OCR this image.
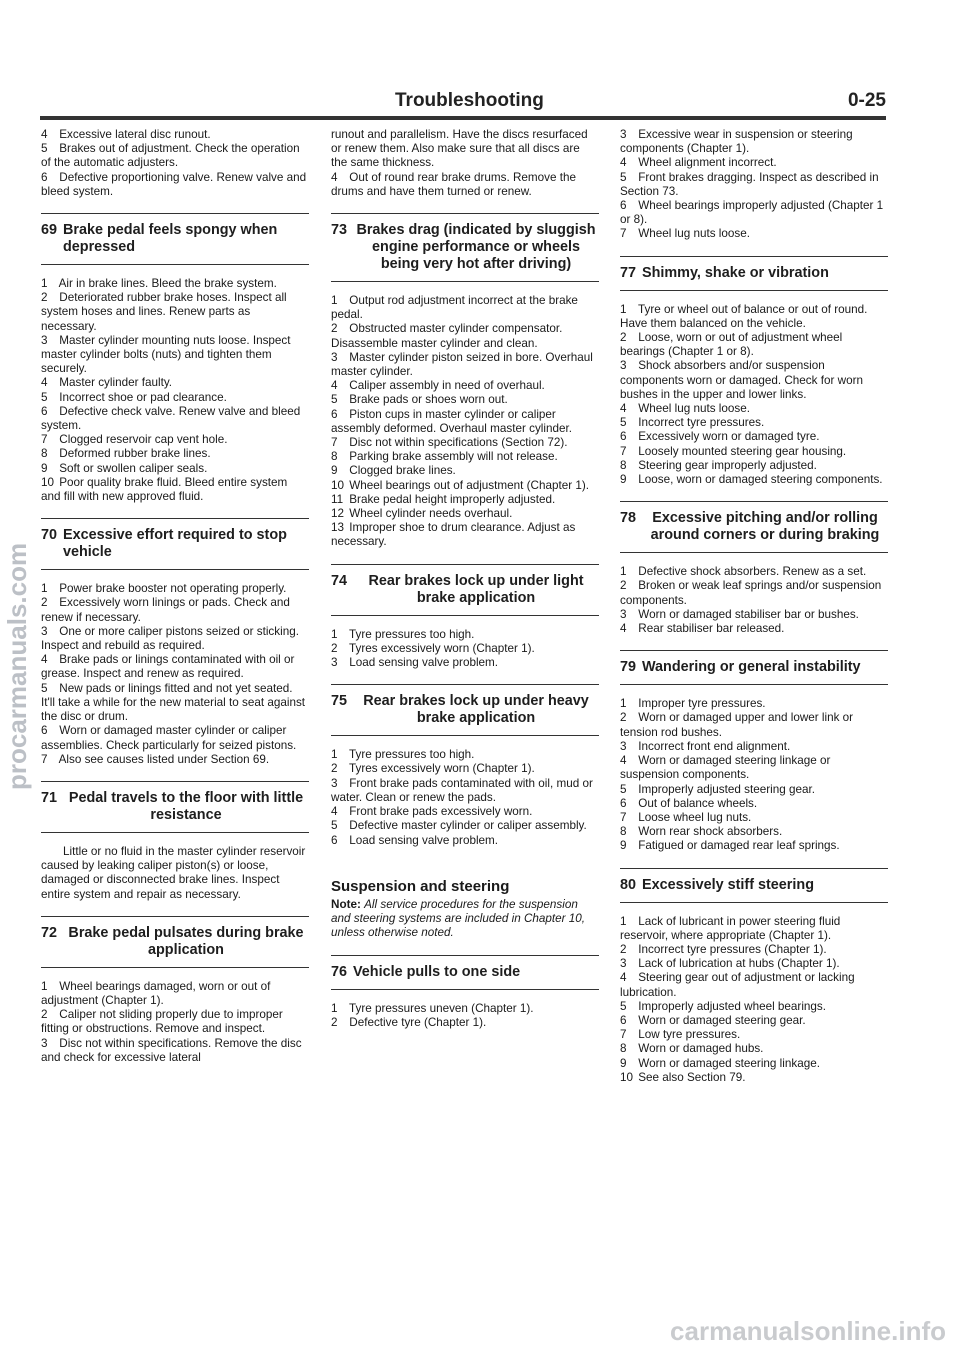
Troubleshooting	0-25

4 Excessive lateral disc runout.

5 Brakes out of adjustment. Check the operation of the automatic adjusters.

6 Defective proportioning valve. Renew valve and bleed system.

69 Brake pedal feels spongy when depressed

1 Air in brake lines. Bleed the brake system.

2 Deteriorated rubber brake hoses. Inspect all system hoses and lines. Renew parts as necessary.

3 Master cylinder mounting nuts loose. Inspect master cylinder bolts (nuts) and tighten them securely.

4 Master cylinder faulty.

5 Incorrect shoe or pad clearance.

6 Defective check valve. Renew valve and bleed system.

7 Clogged reservoir cap vent hole.

8 Deformed rubber brake lines.

9 Soft or swollen caliper seals.

10 Poor quality brake fluid. Bleed entire system and fill with new approved fluid.

70 Excessive effort required to stop vehicle

1 Power brake booster not operating properly.

2 Excessively worn linings or pads. Check and renew if necessary.

3 One or more caliper pistons seized or sticking. Inspect and rebuild as required.

4 Brake pads or linings contaminated with oil or grease. Inspect and renew as required.

5 New pads or linings fitted and not yet seated. It'll take a while for the new material to seat against the disc or drum.

6 Worn or damaged master cylinder or caliper assemblies. Check particularly for seized pistons.

7 Also see causes listed under Section 69.

71 Pedal travels to the floor with little resistance

Little or no fluid in the master cylinder reservoir caused by leaking caliper piston(s) or loose, damaged or disconnected brake lines. Inspect entire system and repair as necessary.

72 Brake pedal pulsates during brake application

1 Wheel bearings damaged, worn or out of adjustment (Chapter 1).

2 Caliper not sliding properly due to improper fitting or obstructions. Remove and inspect.

3 Disc not within specifications. Remove the disc and check for excessive lateral

runout and parallelism. Have the discs resurfaced or renew them. Also make sure that all discs are the same thickness.

4 Out of round rear brake drums. Remove the drums and have them turned or renew.

73 Brakes drag (indicated by sluggish engine performance or wheels being very hot after driving)

1 Output rod adjustment incorrect at the brake pedal.

2 Obstructed master cylinder compensator. Disassemble master cylinder and clean.

3 Master cylinder piston seized in bore. Overhaul master cylinder.

4 Caliper assembly in need of overhaul.

5 Brake pads or shoes worn out.

6 Piston cups in master cylinder or caliper assembly deformed. Overhaul master cylinder.

7 Disc not within specifications (Section 72).

8 Parking brake assembly will not release.

9 Clogged brake lines.

10 Wheel bearings out of adjustment (Chapter 1).

11 Brake pedal height improperly adjusted.

12 Wheel cylinder needs overhaul.

13 Improper shoe to drum clearance. Adjust as necessary.

74	Rear brakes lock up under light brake application

1 Tyre pressures too high.

2 Tyres excessively worn (Chapter 1).

3 Load sensing valve problem.

75	Rear brakes lock up under heavy brake application

1 Tyre pressures too high.

2 Tyres excessively worn (Chapter 1).

3 Front brake pads contaminated with oil, mud or water. Clean or renew the pads.

4 Front brake pads excessively worn.

5 Defective master cylinder or caliper assembly.

6 Load sensing valve problem.

Suspension and steering

Note: All service procedures for the suspension and steering systems are included in Chapter 10, unless otherwise noted.

76 Vehicle pulls to one side

1 Tyre pressures uneven (Chapter 1).

2 Defective tyre (Chapter 1).

3 Excessive wear in suspension or steering components (Chapter 1).

4 Wheel alignment incorrect.

5 Front brakes dragging. Inspect as described in Section 73.

6 Wheel bearings improperly adjusted (Chapter 1 or 8).

7 Wheel lug nuts loose.

77 Shimmy, shake or vibration

1 Tyre or wheel out of balance or out of round. Have them balanced on the vehicle.

2 Loose, worn or out of adjustment wheel bearings (Chapter 1 or 8).

3 Shock absorbers and/or suspension components worn or damaged. Check for worn bushes in the upper and lower links.

4 Wheel lug nuts loose.

5 Incorrect tyre pressures.

6 Excessively worn or damaged tyre.

7 Loosely mounted steering gear housing.

8 Steering gear improperly adjusted.

9 Loose, worn or damaged steering components.

78	Excessive pitching and/or rolling around corners or during braking

1 Defective shock absorbers. Renew as a set.

2 Broken or weak leaf springs and/or suspension components.

3 Worn or damaged stabiliser bar or bushes.

4 Rear stabiliser bar released.

79 Wandering or general instability

1 Improper tyre pressures.

2 Worn or damaged upper and lower link or tension rod bushes.

3 Incorrect front end alignment.

4 Worn or damaged steering linkage or suspension components.

5 Improperly adjusted steering gear.

6 Out of balance wheels.

7 Loose wheel lug nuts.

8 Worn rear shock absorbers.

9 Fatigued or damaged rear leaf springs.

80 Excessively stiff steering

1 Lack of lubricant in power steering fluid reservoir, where appropriate (Chapter 1).

2 Incorrect tyre pressures (Chapter 1).

3 Lack of lubrication at hubs (Chapter 1).

4 Steering gear out of adjustment or lacking lubrication.

5 Improperly adjusted wheel bearings.

6 Worn or damaged steering gear.

7 Low tyre pressures.

8 Worn or damaged hubs.

9 Worn or damaged steering linkage.

10 See also Section 79.

procarmanuals.com
carmanualsonline.info
